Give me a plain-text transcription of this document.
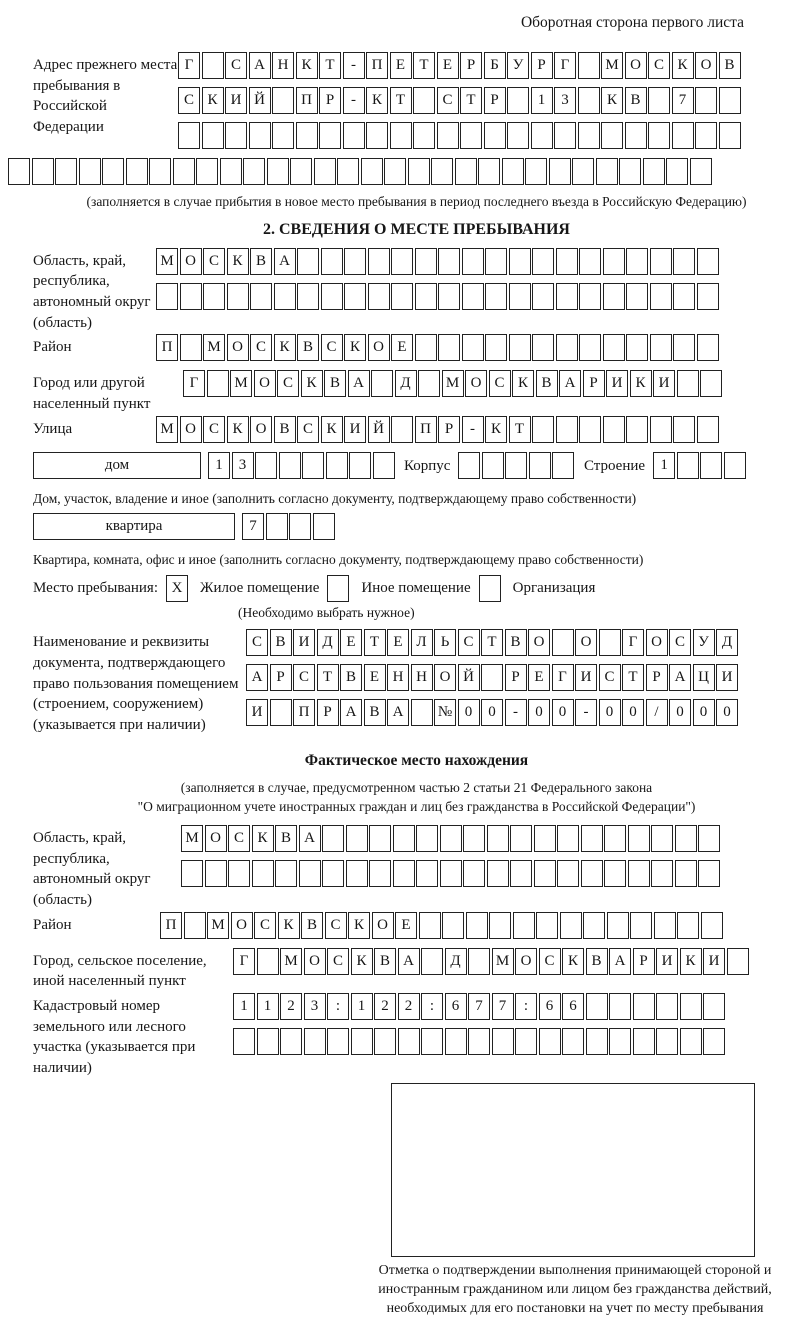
Оборотная сторона первого листа
Адрес прежнего места пребывания в Российской Федерации
Г	С А Н К Т - П Е Т Е Р Б У Р Г М О С К О В
С К И Й П Р - К Т С Т Р	1 3	К В	7
(заполняется в случае прибытия в новое место пребывания в период последнего въезда в Российскую Федерацию)
2. СВЕДЕНИЯ О МЕСТЕ ПРЕБЫВАНИЯ
Область, край, республика, автономный округ (область)
М О С К В А
Район	П М О С К В С К О Е
Город или другой населенный пункт
Г М О С К В А Д М О С К В А Р И К И
Улица	М О С К О В С К И Й П Р - К Т
дом	1 3	Корпус	Строение	1
Дом, участок, владение и иное (заполнить согласно документу, подтверждающему право собственности)
квартира	7
Квартира, комната, офис и иное (заполнить согласно документу, подтверждающему право собственности)
Место пребывания: X	Жилое помещение	Иное помещение	Организация
(Необходимо выбрать нужное)
Наименование и реквизиты документа, подтверждающего право пользования помещением (строением, сооружением) (указывается при наличии)
С В И Д Е Т Е Л Ь С Т В О О Г О С У Д
А Р С Т В Е Н Н О Й Р Е Г И С Т Р А Ц И
И П Р А В А № 0 0 - 0 0 - 0 0 / 0 0 0
Фактическое место нахождения
(заполняется в случае, предусмотренном частью 2 статьи 21 Федерального закона
"О миграционном учете иностранных граждан и лиц без гражданства в Российской Федерации")
Область, край, республика, автономный округ (область)
М О С К В А
Район	П М О С К В С К О Е
Город, сельское поселение, иной населенный пункт
Г М О С К В А Д М О С К В А Р И К И
Кадастровый номер земельного или лесного участка (указывается при наличии)
1 1 2 3 : 1 2 2 : 6 7 7 : 6 6
Отметка о подтверждении выполнения принимающей стороной и иностранным гражданином или лицом без гражданства действий, необходимых для его постановки на учет по месту пребывания
